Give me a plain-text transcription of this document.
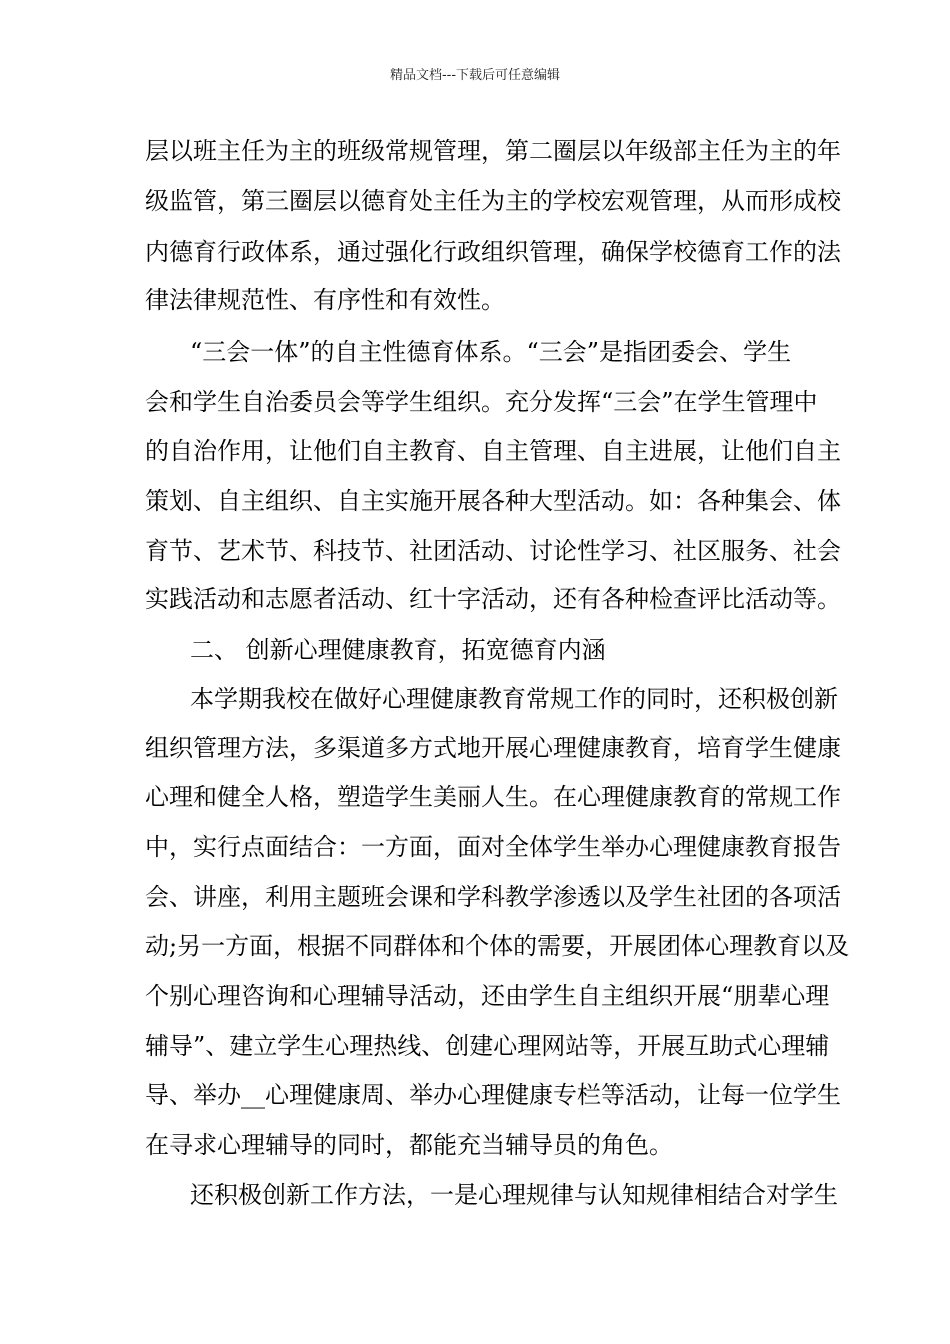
精品文档---下载后可任意编辑
层以班主任为主的班级常规管理，第二圈层以年级部主任为主的年
级监管，第三圈层以德育处主任为主的学校宏观管理，从而形成校
内德育行政体系，通过强化行政组织管理，确保学校德育工作的法
律法律规范性、有序性和有效性。
“三会一体”的自主性德育体系。“三会”是指团委会、学生
会和学生自治委员会等学生组织。充分发挥“三会”在学生管理中
的自治作用，让他们自主教育、自主管理、自主进展，让他们自主
策划、自主组织、自主实施开展各种大型活动。如：各种集会、体
育节、艺术节、科技节、社团活动、讨论性学习、社区服务、社会
实践活动和志愿者活动、红十字活动，还有各种检查评比活动等。
二、 创新心理健康教育，拓宽德育内涵
本学期我校在做好心理健康教育常规工作的同时，还积极创新
组织管理方法，多渠道多方式地开展心理健康教育，培育学生健康
心理和健全人格，塑造学生美丽人生。在心理健康教育的常规工作
中，实行点面结合：一方面，面对全体学生举办心理健康教育报告
会、讲座，利用主题班会课和学科教学渗透以及学生社团的各项活
动;另一方面，根据不同群体和个体的需要，开展团体心理教育以及
个别心理咨询和心理辅导活动，还由学生自主组织开展“朋辈心理
辅导”、建立学生心理热线、创建心理网站等，开展互助式心理辅
导、举办__心理健康周、举办心理健康专栏等活动，让每一位学生
在寻求心理辅导的同时，都能充当辅导员的角色。
还积极创新工作方法，一是心理规律与认知规律相结合对学生
